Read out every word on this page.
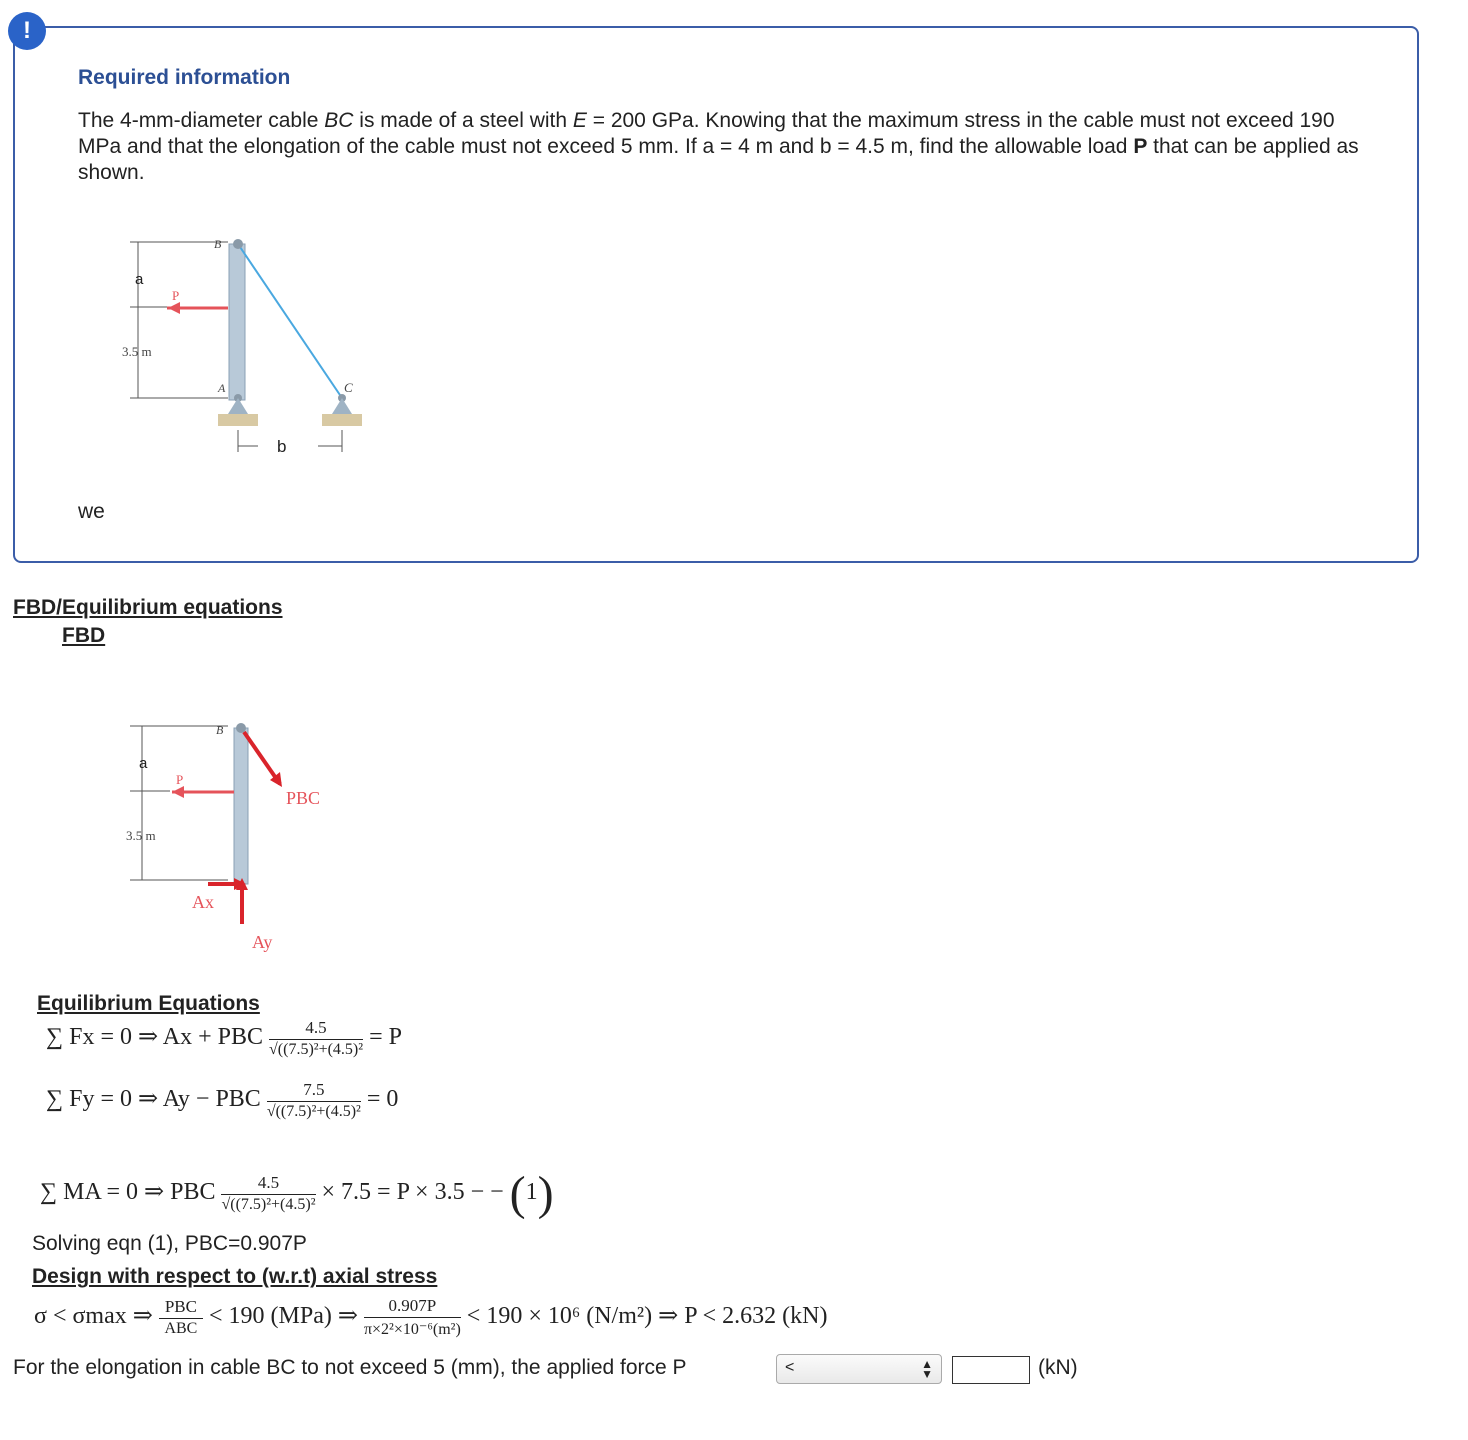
!
Required information
The 4-mm-diameter cable BC is made of a steel with E = 200 GPa. Knowing that the maximum stress in the cable must not exceed 190 MPa and that the elongation of the cable must not exceed 5 mm. If a = 4 m and b = 4.5 m, find the allowable load P that can be applied as shown.
B
a
P
3.5 m
A	C
b
we
FBD/Equilibrium equations
FBD
B
a
P
3.5 m
PBC
Ax
Ay
Equilibrium Equations
∑ Fx = 0 ⇒ Ax + PBC $\frac{4.5}{\text{√((7.5)²+(4.5)²}} = P$
∑ Fy = 0 ⇒ Ay − PBC $\frac{7.5}{\text{√((7.5)²+(4.5)²}} = 0$
∑ MA = 0 ⇒ PBC $\frac{4.5}{\text{√((7.5)²+(4.5)²}} \times 7.5 = P \times 3.5$ − − (1)
Solving eqn (1), PBC=0.907P
Design with respect to (w.r.t) axial stress
σ < σmax ⇒ $\frac{\text{PBC}}{\text{ABC}} < 190$ (MPa) ⇒ $\frac{0.907P}{\text{π×2²×10⁻⁶(m²)}} < 190 \times 10^6$ (N/m²) ⇒ P < 2.632 (kN)
For the elongation in cable BC to not exceed 5 (mm), the applied force P	<	▲
▼	(kN)
